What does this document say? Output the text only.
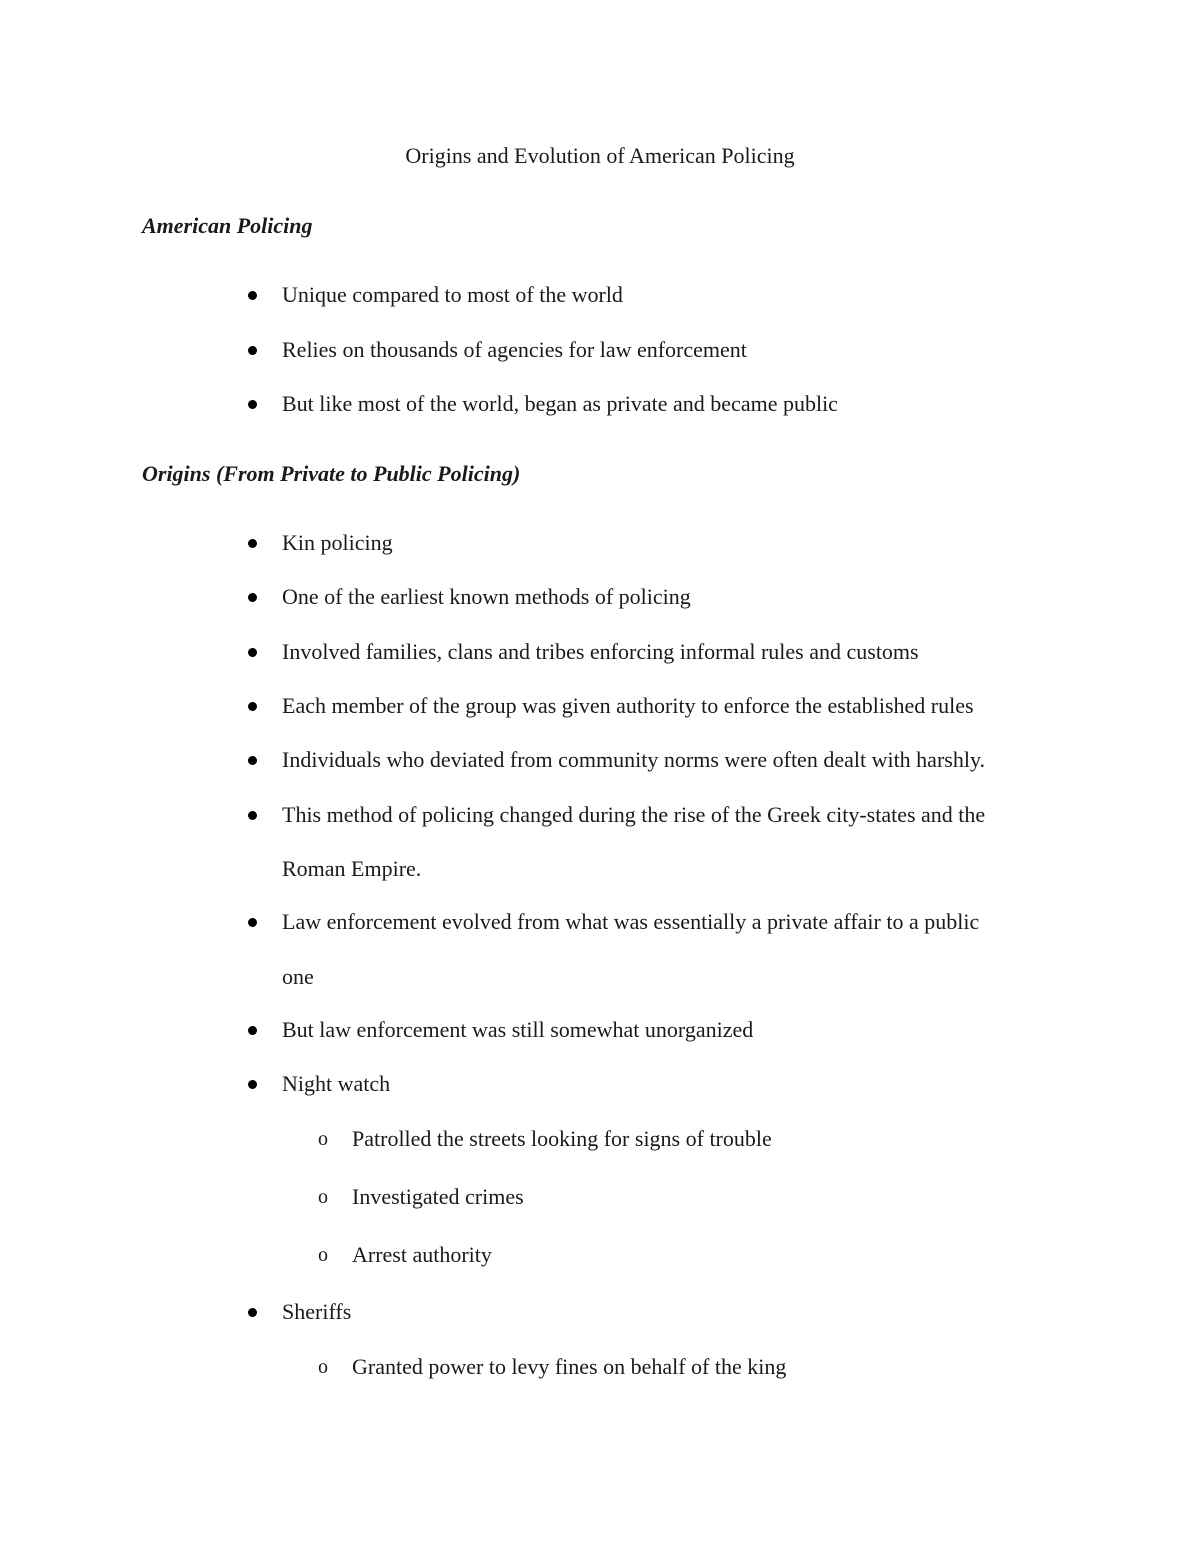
Origins and Evolution of American Policing
American Policing
Unique compared to most of the world
Relies on thousands of agencies for law enforcement
But like most of the world, began as private and became public
Origins (From Private to Public Policing)
Kin policing
One of the earliest known methods of policing
Involved families, clans and tribes enforcing informal rules and customs
Each member of the group was given authority to enforce the established rules
Individuals who deviated from community norms were often dealt with harshly.
This method of policing changed during the rise of the Greek city-states and the
Roman Empire.
Law enforcement evolved from what was essentially a private affair to a public
one
But law enforcement was still somewhat unorganized
Night watch
o Patrolled the streets looking for signs of trouble
o Investigated crimes
o Arrest authority
Sheriffs
o Granted power to levy fines on behalf of the king
